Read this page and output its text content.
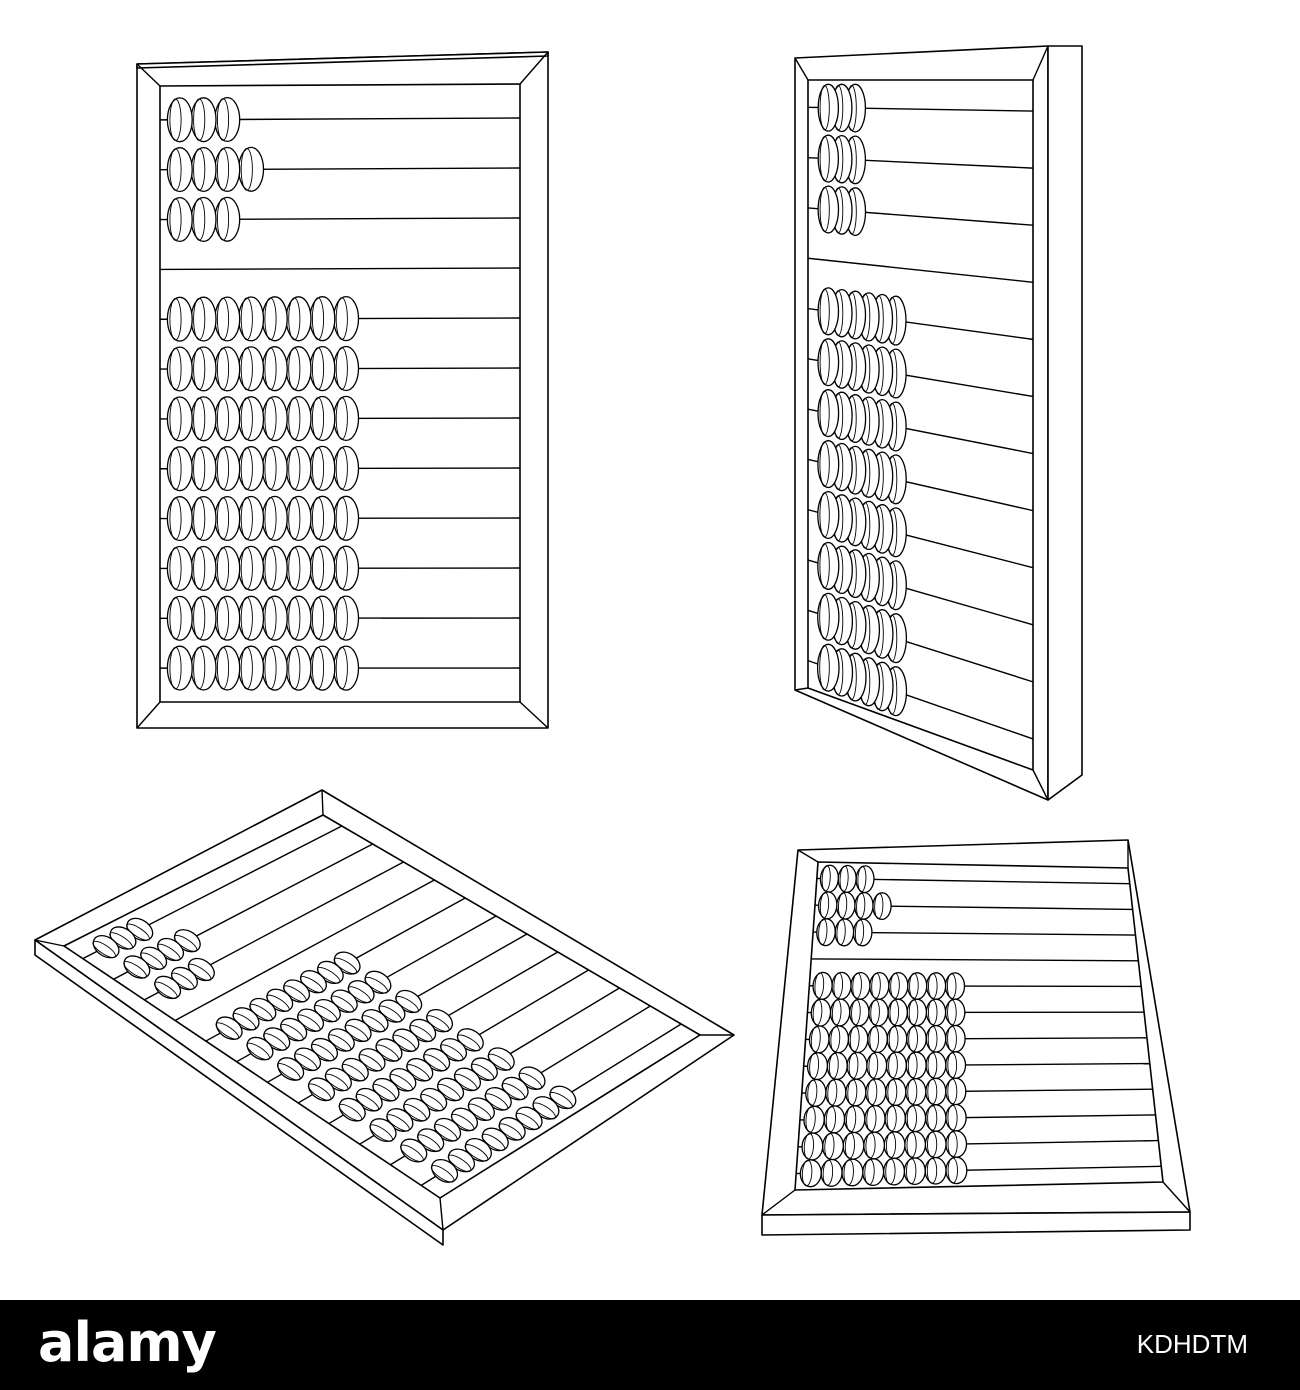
alamy	KDHDTM
